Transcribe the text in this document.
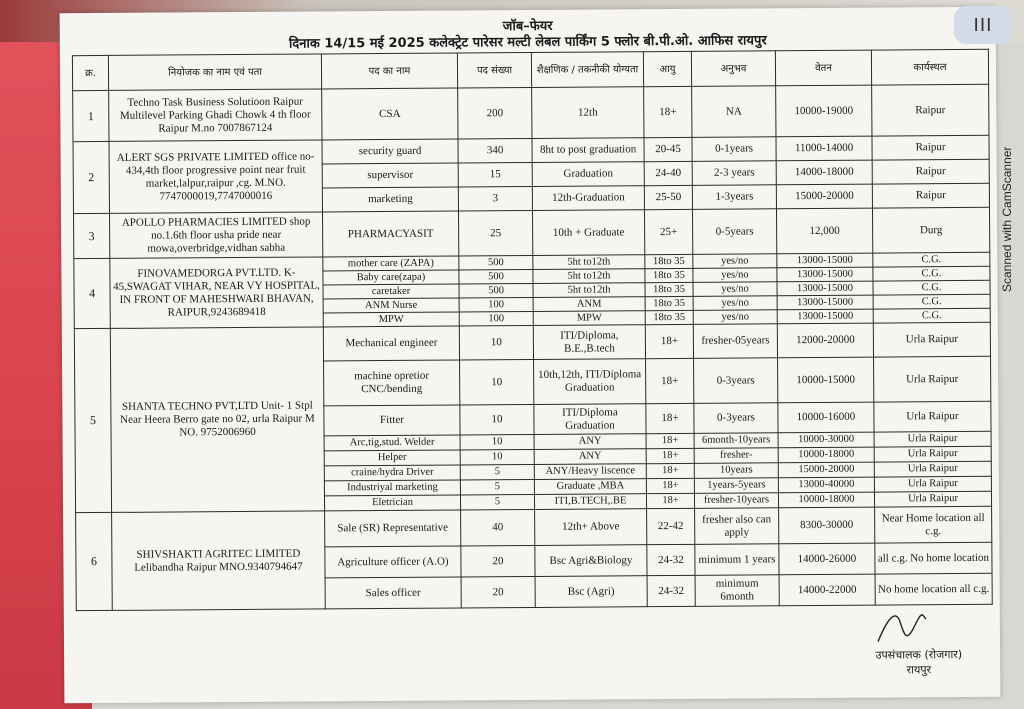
जॉब–फेयर
दिनाक 14/15 मई 2025 कलेक्ट्रेट पारेसर मल्टी लेबल पार्किंग 5 फ्लोर बी.पी.ओ. आफिस रायपुर
क्र.	नियोजक का नाम एवं पता	पद का नाम	पद संख्या	शैक्षणिक / तकनीकी योग्यता	आयु	अनुभव	वेतन	कार्यस्थल
1	Techno Task Business Solutioon Raipur Multilevel Parking Ghadi Chowk 4 th floor Raipur M.no 7007867124	CSA	200	12th	18+	NA	10000-19000	Raipur
2	ALERT SGS PRIVATE LIMITED office no-434,4th floor progressive point near fruit market,lalpur,raipur ,cg. M.NO. 7747000019,7747000016	security guard	340	8ht to post graduation	20-45	0-1years	11000-14000	Raipur
		supervisor	15	Graduation	24-40	2-3 years	14000-18000	Raipur
		marketing	3	12th-Graduation	25-50	1-3years	15000-20000	Raipur
3	APOLLO PHARMACIES LIMITED shop no.1.6th floor usha pride near mowa,overbridge,vidhan sabha	PHARMACYASIT	25	10th + Graduate	25+	0-5years	12,000	Durg
4	FINOVAMEDORGA PVT.LTD. K-45,SWAGAT VIHAR, NEAR VY HOSPITAL, IN FRONT OF MAHESHWARI BHAVAN, RAIPUR,9243689418	mother care (ZAPA)	500	5ht to12th	18to 35	yes/no	13000-15000	C.G.
		Baby care(zapa)	500	5ht to12th	18to 35	yes/no	13000-15000	C.G.
		caretaker	500	5ht to12th	18to 35	yes/no	13000-15000	C.G.
		ANM Nurse	100	ANM	18to 35	yes/no	13000-15000	C.G.
		MPW	100	MPW	18to 35	yes/no	13000-15000	C.G.
5	SHANTA TECHNO PVT,LTD Unit- 1 Stpl Near Heera Berro gate no 02, urla Raipur M NO. 9752006960	Mechanical engineer	10	ITI/Diploma, B.E.,B.tech	18+	fresher-05years	12000-20000	Urla Raipur
		machine opretior CNC/bending	10	10th,12th, ITI/Diploma Graduation	18+	0-3years	10000-15000	Urla Raipur
		Fitter	10	ITI/Diploma Graduation	18+	0-3years	10000-16000	Urla Raipur
		Arc,tig,stud. Welder	10	ANY	18+	6month-10years	10000-30000	Urla Raipur
		Helper	10	ANY	18+	fresher-	10000-18000	Urla Raipur
		craine/hydra Driver	5	ANY/Heavy liscence	18+	10years	15000-20000	Urla Raipur
		Industriyal marketing	5	Graduate ,MBA	18+	1years-5years	13000-40000	Urla Raipur
		Eletrician	5	ITI,B.TECH,.BE	18+	fresher-10years	10000-18000	Urla Raipur
6	SHIVSHAKTI AGRITEC LIMITED Lelibandha Raipur MNO.9340794647	Sale (SR) Representative	40	12th+ Above	22-42	fresher also can apply	8300-30000	Near Home location all c.g.
		Agriculture officer (A.O)	20	Bsc Agri&Biology	24-32	minimum 1 years	14000-26000	all c.g. No home location
		Sales officer	20	Bsc (Agri)	24-32	minimum 6month	14000-22000	No home location all c.g.
उपसंचालक (रोजगार)
रायपुर
Scanned with CamScanner
III
